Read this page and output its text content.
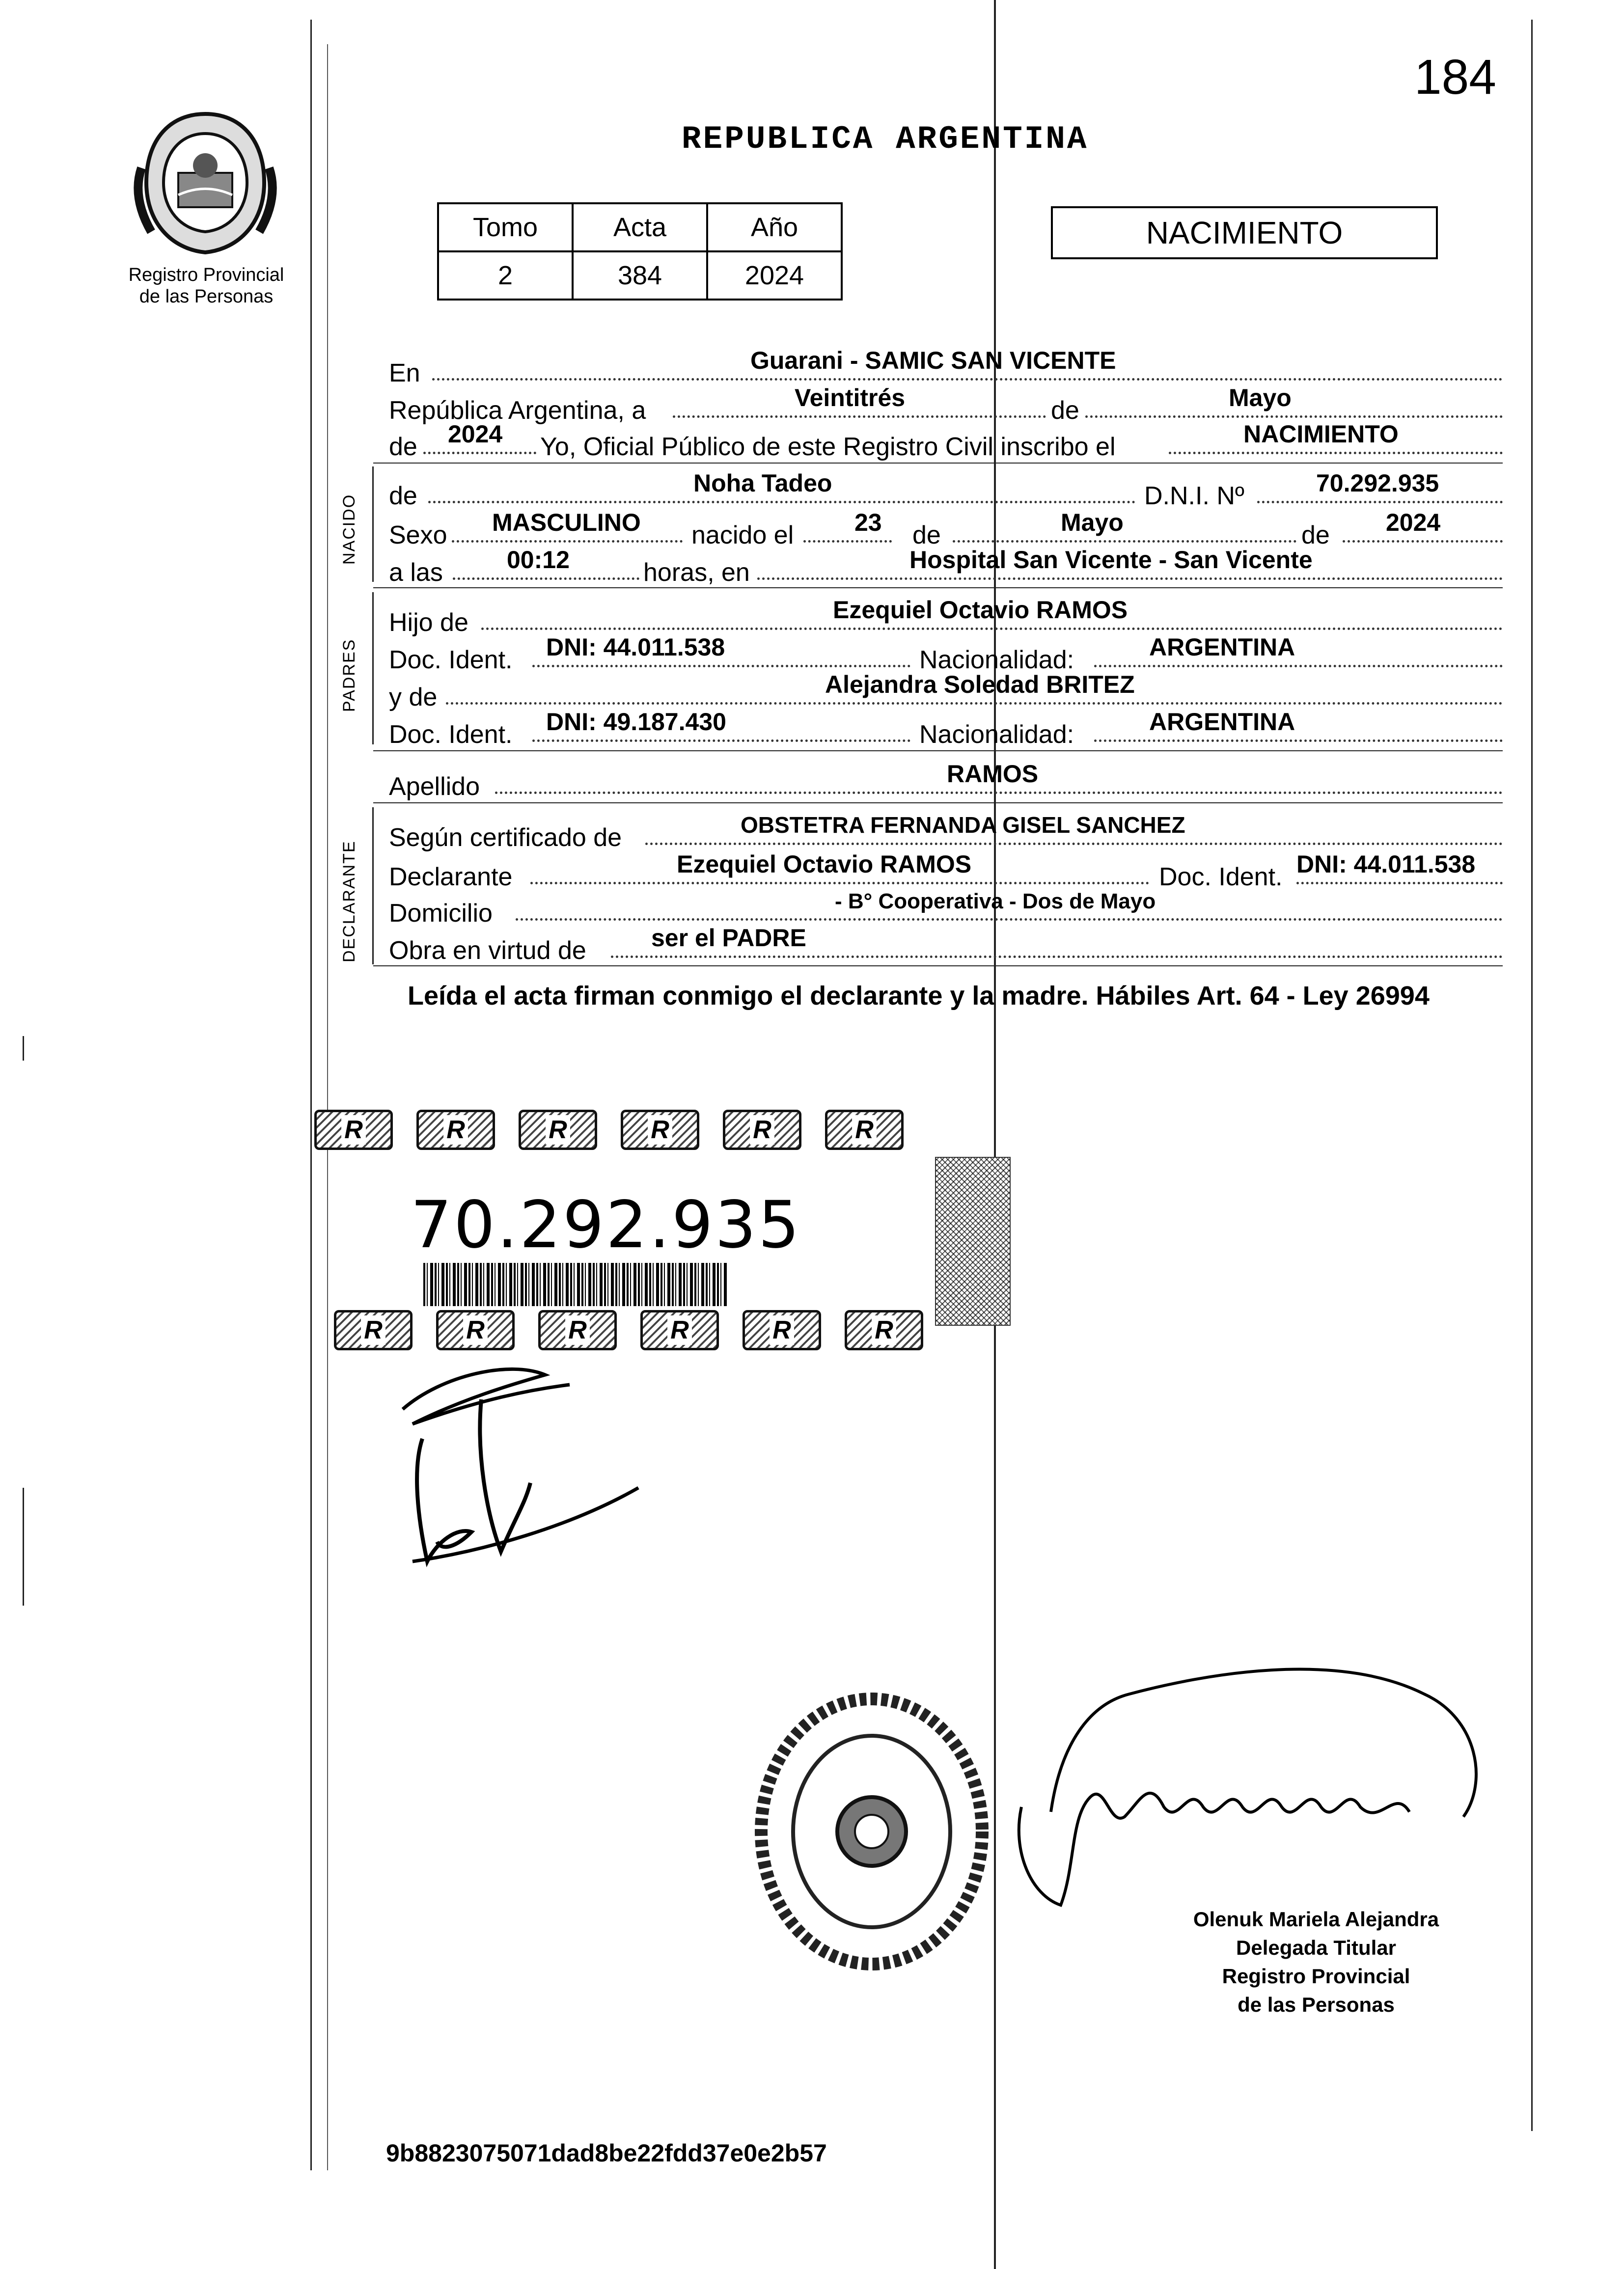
184
Registro Provincial
de las Personas
REPUBLICA ARGENTINA
Tomo	Acta	Año
2	384	2024
NACIMIENTO
En	Guarani - SAMIC SAN VICENTE
República Argentina, a	Veintitrés	de	Mayo
de 2024 Yo, Oficial Público de este Registro Civil inscribo el	NACIMIENTO
NACIDO de	Noha Tadeo	D.N.I. Nº	70.292.935
Sexo MASCULINO nacido el 23 de	Mayo	de 2024
a las	00:12	horas, en	Hospital San Vicente - San Vicente
PADRES
Hijo de	Ezequiel Octavio RAMOS
Doc. Ident. DNI: 44.011.538	Nacionalidad:	ARGENTINA
y de	Alejandra Soledad BRITEZ
Doc. Ident. DNI: 49.187.430	Nacionalidad:	ARGENTINA
Apellido	RAMOS
DECLARANTE
Según certificado de	OBSTETRA FERNANDA GISEL SANCHEZ
Declarante	Ezequiel Octavio RAMOS	Doc. Ident. DNI: 44.011.538
Domicilio	- B° Cooperativa - Dos de Mayo
Obra en virtud de	ser el PADRE
Leída el acta firman conmigo el declarante y la madre. Hábiles Art. 64 - Ley 26994
R	R	R	R	R	R
70.292.935
R	R	R	R	R	R
Olenuk Mariela Alejandra
Delegada Titular
Registro Provincial
de las Personas
9b8823075071dad8be22fdd37e0e2b57
